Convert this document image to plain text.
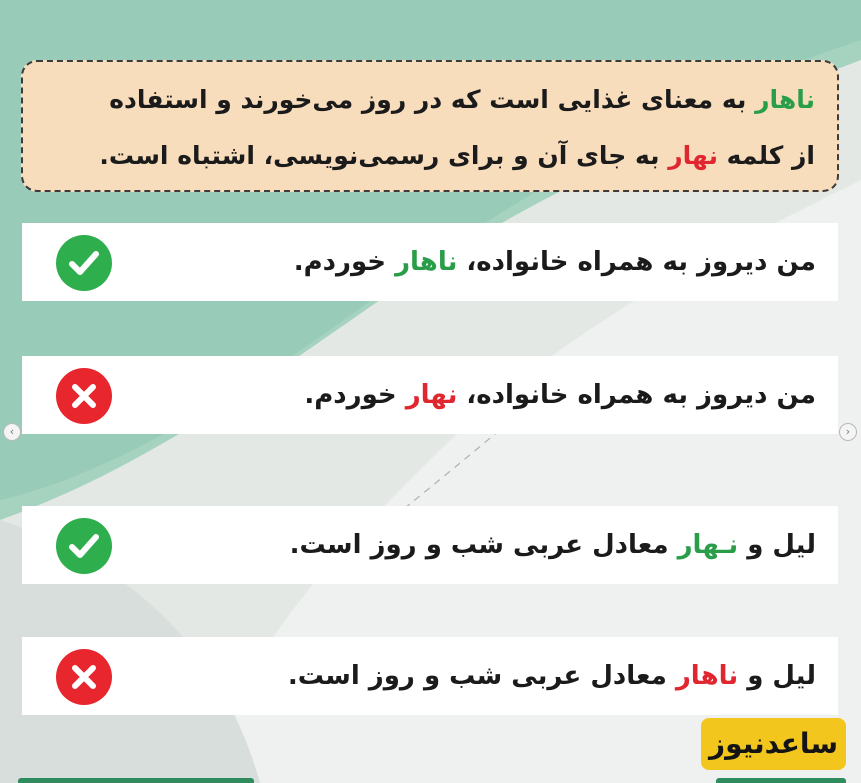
ناهار به معنای غذایی است که در روز می‌خورند و استفاده

از کلمه نهار به جای آن و برای رسمی‌نویسی، اشتباه است.

من دیروز به همراه خانواده، ناهار خوردم.
من دیروز به همراه خانواده، نهار خوردم.
لیل و نـهار معادل عربی شب و روز است.
لیل و ناهار معادل عربی شب و روز است.
‹	›
ساعدنیوز
